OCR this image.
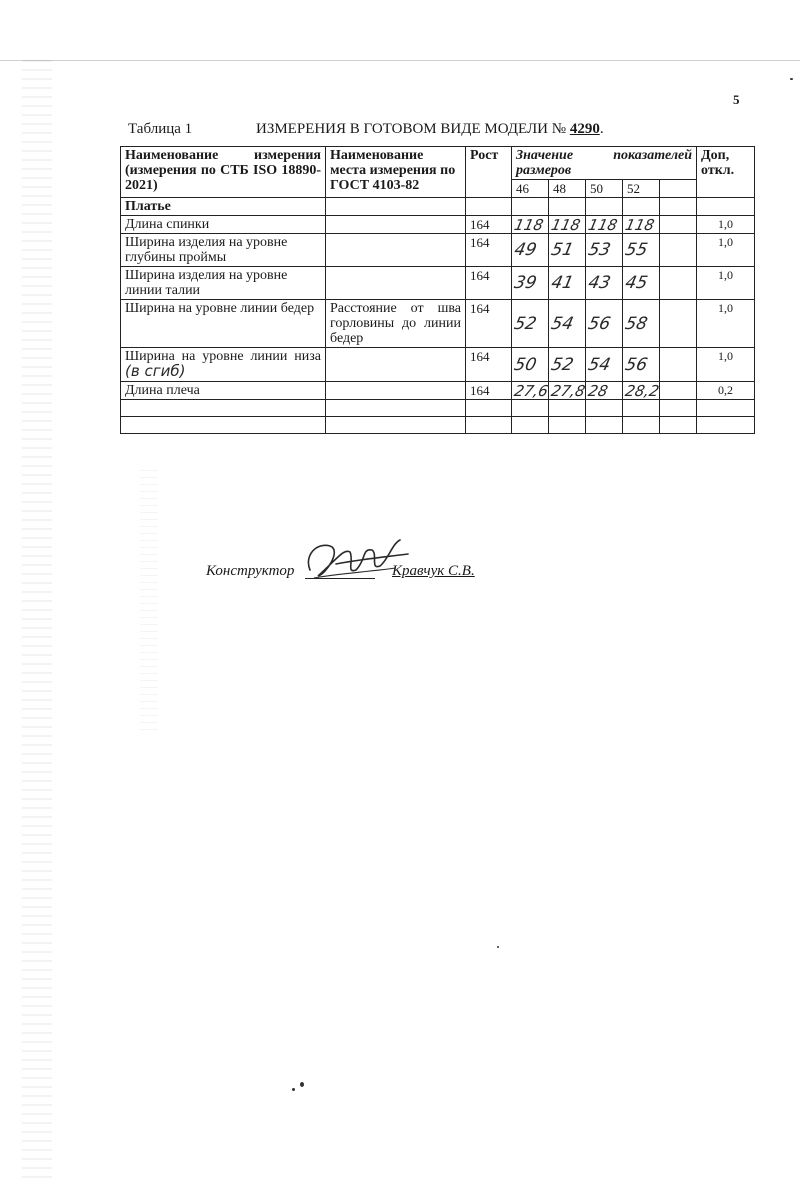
5
Таблица 1	ИЗМЕРЕНИЯ В ГОТОВОМ ВИДЕ МОДЕЛИ № 4290.
Наименование измерения (измерения по СТБ ISO 18890-2021)	Наименование места измерения по ГОСТ 4103-82	Рост	Значение показателей размеров					Доп, откл.
			46	48	50	52		
Платье								
Длина спинки		164	118	118	118	118		1,0
Ширина изделия на уровне глубины проймы		164	49	51	53	55		1,0
Ширина изделия на уровне линии талии		164	39	41	43	45		1,0
Ширина на уровне линии бедер	Расстояние от шва горловины до линии бедер	164	52	54	56	58		1,0
Ширина на уровне линии низа (в сгиб)		164	50	52	54	56		1,0
Длина плеча		164	27,6	27,8	28	28,2		0,2

Конструктор	Кравчук С.В.
